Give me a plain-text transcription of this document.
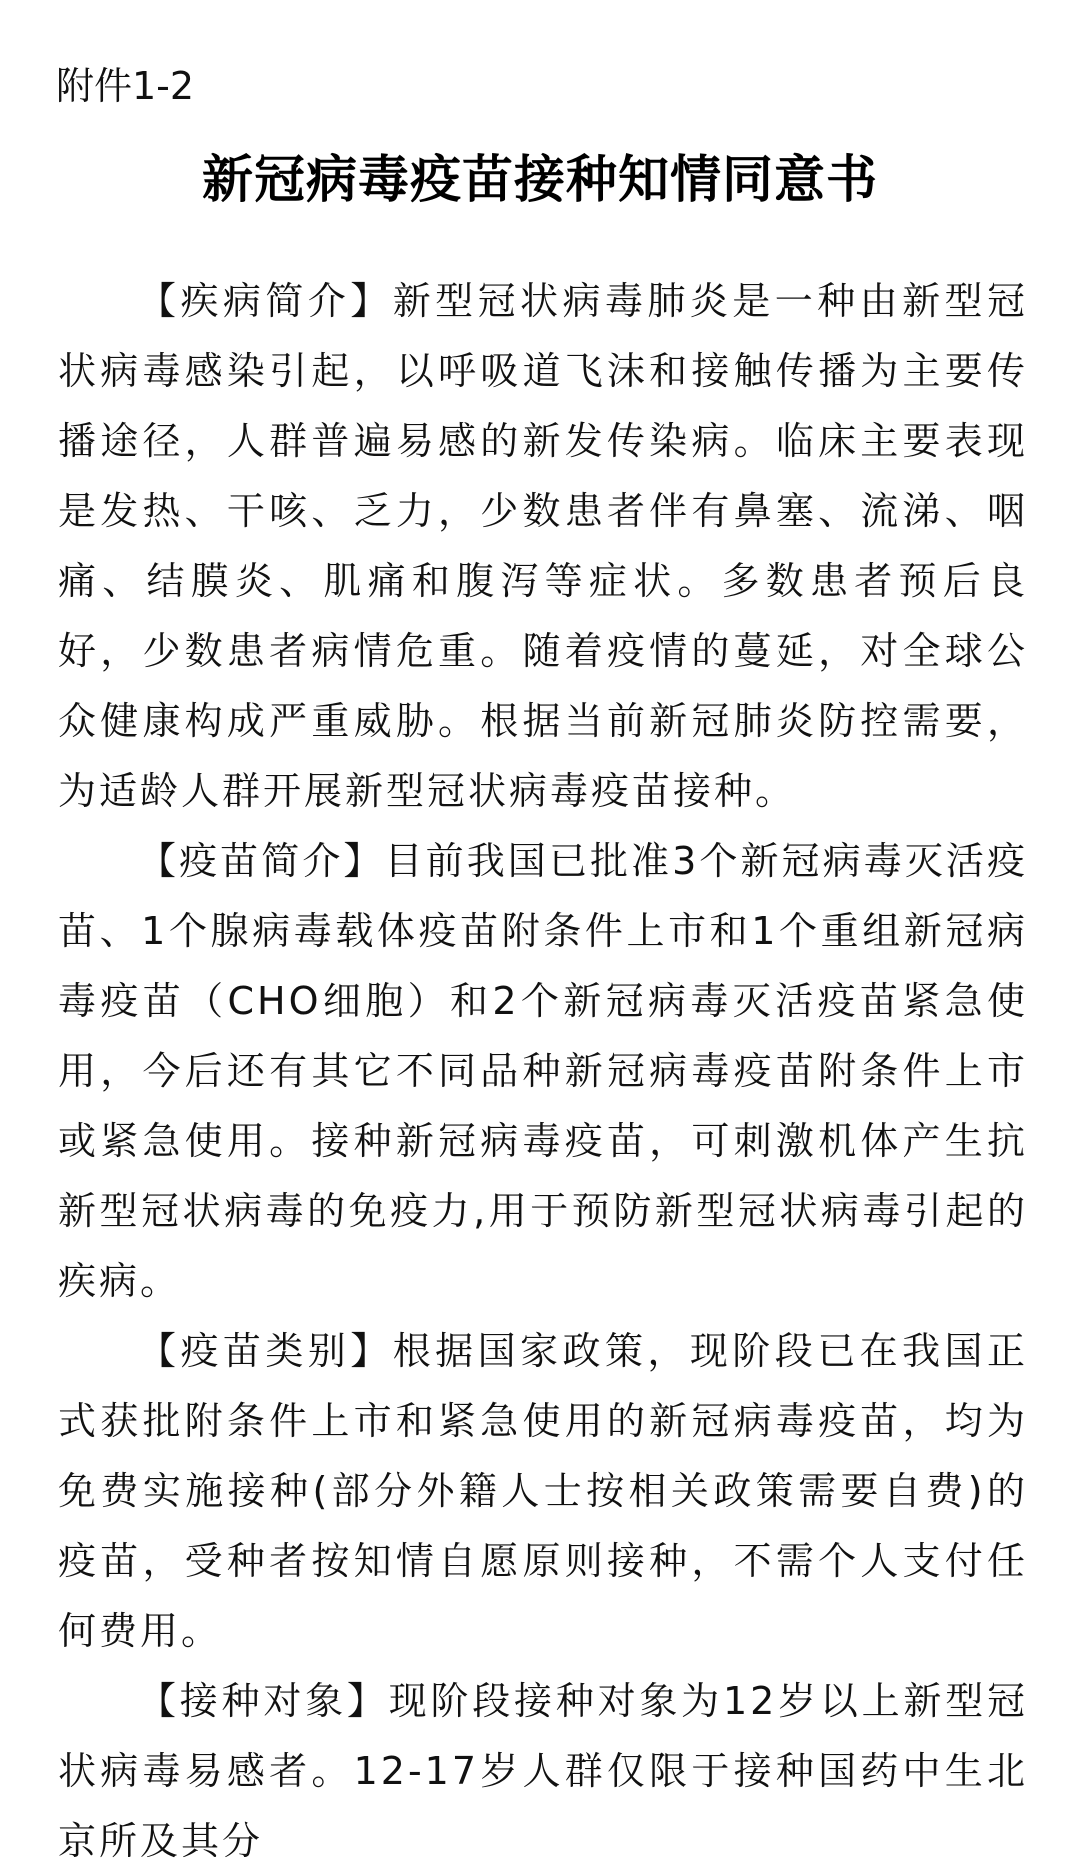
附件1-2
新冠病毒疫苗接种知情同意书

【疾病简介】新型冠状病毒肺炎是一种由新型冠状病毒感染引起，以呼吸道飞沫和接触传播为主要传播途径，人群普遍易感的新发传染病。临床主要表现是发热、干咳、乏力，少数患者伴有鼻塞、流涕、咽痛、结膜炎、肌痛和腹泻等症状。多数患者预后良好，少数患者病情危重。随着疫情的蔓延，对全球公众健康构成严重威胁。根据当前新冠肺炎防控需要，为适龄人群开展新型冠状病毒疫苗接种。

【疫苗简介】目前我国已批准3个新冠病毒灭活疫苗、1个腺病毒载体疫苗附条件上市和1个重组新冠病毒疫苗（CHO细胞）和2个新冠病毒灭活疫苗紧急使用，今后还有其它不同品种新冠病毒疫苗附条件上市或紧急使用。接种新冠病毒疫苗，可刺激机体产生抗新型冠状病毒的免疫力,用于预防新型冠状病毒引起的疾病。

【疫苗类别】根据国家政策，现阶段已在我国正式获批附条件上市和紧急使用的新冠病毒疫苗，均为免费实施接种(部分外籍人士按相关政策需要自费)的疫苗，受种者按知情自愿原则接种，不需个人支付任何费用。

【接种对象】现阶段接种对象为12岁以上新型冠状病毒易感者。12-17岁人群仅限于接种国药中生北京所及其分
